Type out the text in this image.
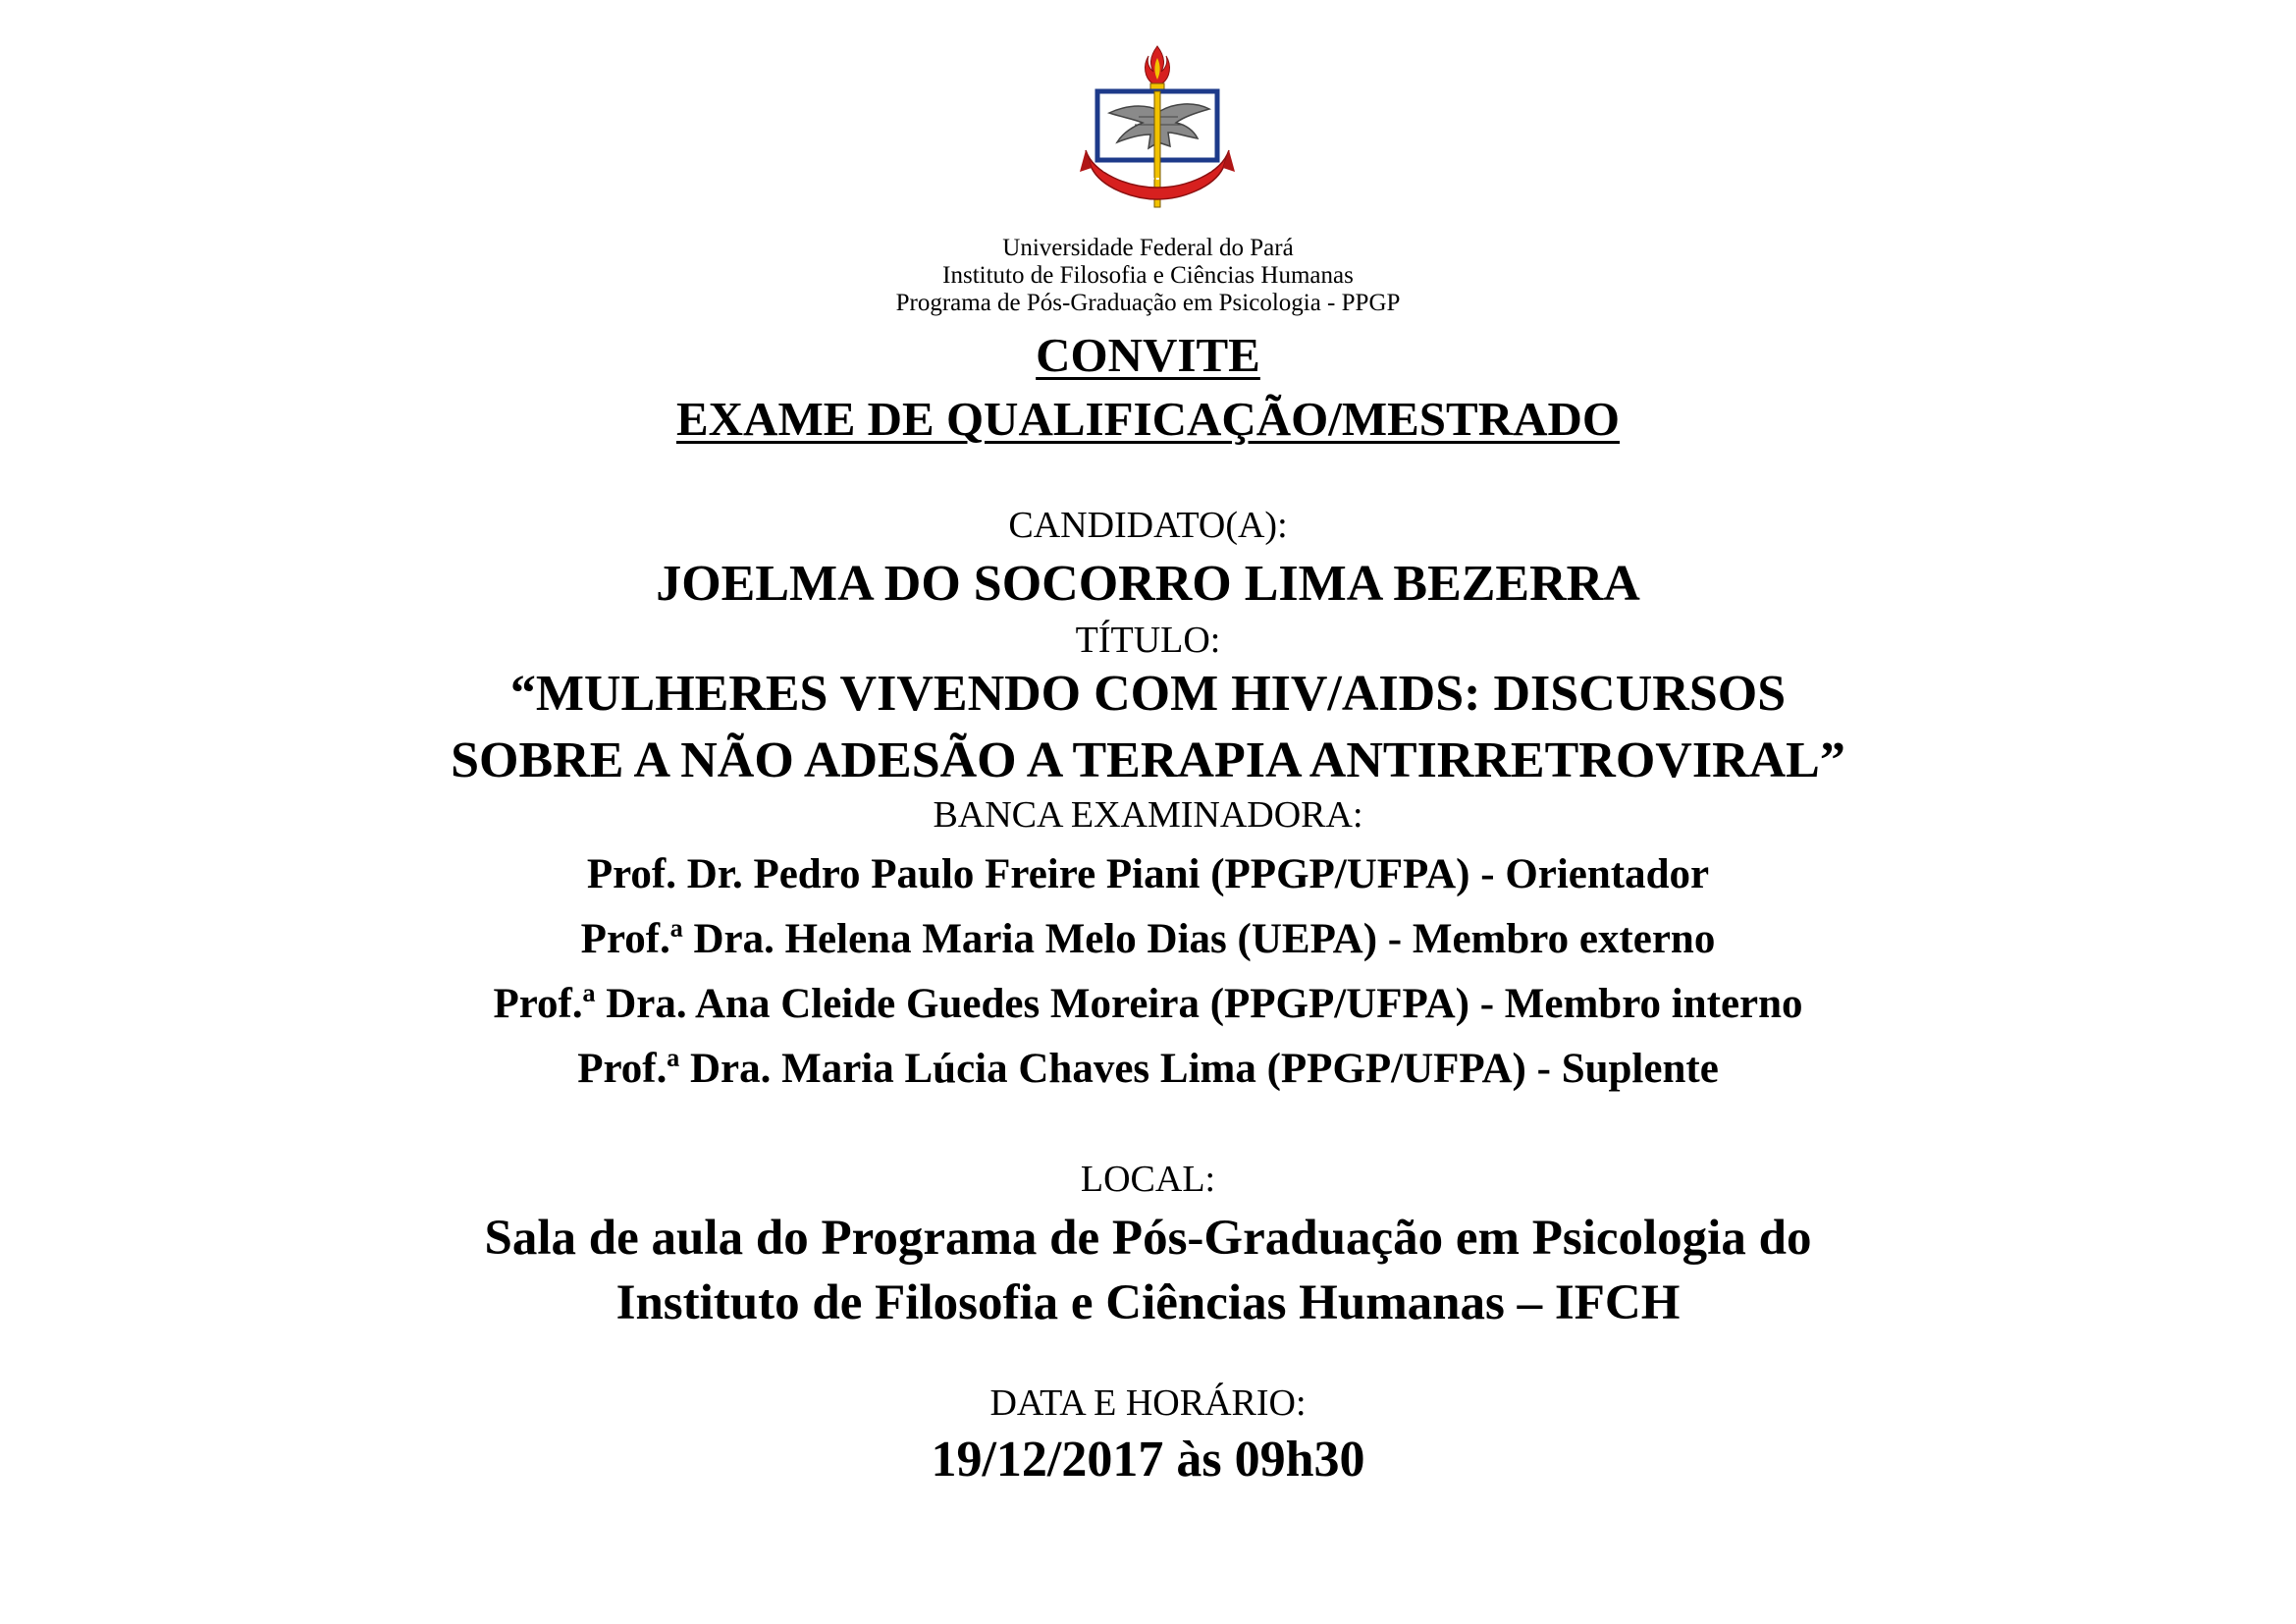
Universidade Federal do Pará
Instituto de Filosofia e Ciências Humanas
Programa de Pós-Graduação em Psicologia - PPGP
CONVITE
EXAME DE QUALIFICAÇÃO/MESTRADO
CANDIDATO(A):
JOELMA DO SOCORRO LIMA BEZERRA
TÍTULO:
“MULHERES VIVENDO COM HIV/AIDS: DISCURSOS
SOBRE A NÃO ADESÃO A TERAPIA ANTIRRETROVIRAL”
BANCA EXAMINADORA:
Prof. Dr. Pedro Paulo Freire Piani (PPGP/UFPA) - Orientador
Prof.ª Dra. Helena Maria Melo Dias (UEPA) - Membro externo
Prof.ª Dra. Ana Cleide Guedes Moreira (PPGP/UFPA) - Membro interno
Prof.ª Dra. Maria Lúcia Chaves Lima (PPGP/UFPA) - Suplente
LOCAL:
Sala de aula do Programa de Pós-Graduação em Psicologia do
Instituto de Filosofia e Ciências Humanas – IFCH
DATA E HORÁRIO:
19/12/2017 às 09h30
